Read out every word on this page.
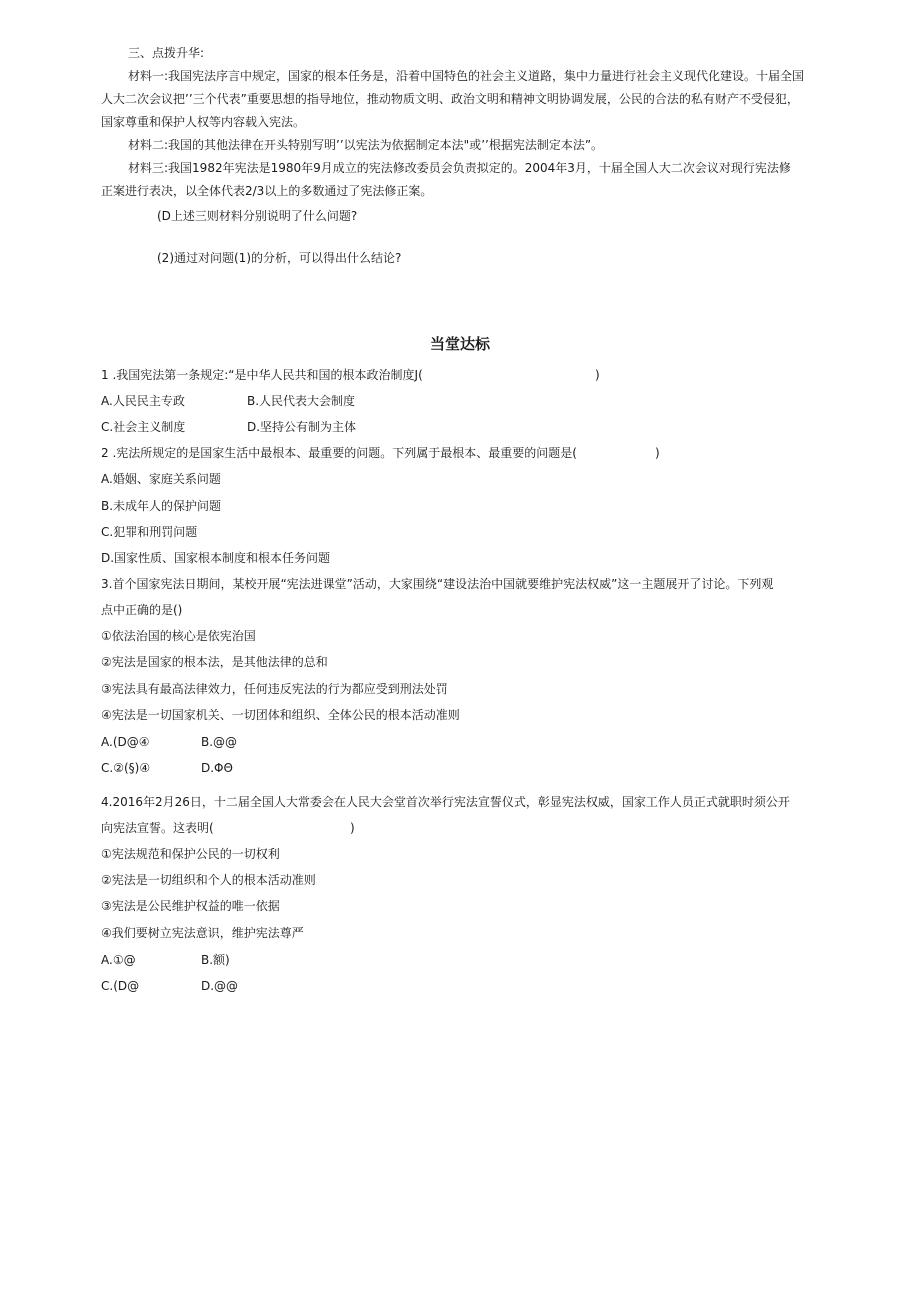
三、点拨升华:
材料一:我国宪法序言中规定，国家的根本任务是，沿着中国特色的社会主义道路，集中力量进行社会主义现代化建设。十届全国
人大二次会议把’’三个代表”重要思想的指导地位，推动物质文明、政治文明和精神文明协调发展，公民的合法的私有财产不受侵犯，
国家尊重和保护人权等内容载入宪法。
材料二:我国的其他法律在开头特别写明’’以宪法为依据制定本法"或’’根据宪法制定本法”。
材料三:我国1982年宪法是1980年9月成立的宪法修改委员会负责拟定的。2004年3月，十届全国人大二次会议对现行宪法修
正案进行表决，以全体代表2/3以上的多数通过了宪法修正案。
(D上述三则材料分别说明了什么问题?
(2)通过对问题(1)的分析，可以得出什么结论?
当堂达标
1 .我国宪法第一条规定:“是中华人民共和国的根本政治制度J(	)
A.人民民主专政	B.人民代表大会制度
C.社会主义制度	D.坚持公有制为主体
2 .宪法所规定的是国家生活中最根本、最重要的问题。下列属于最根本、最重要的问题是(	)
A.婚姻、家庭关系问题
B.未成年人的保护问题
C.犯罪和刑罚问题
D.国家性质、国家根本制度和根本任务问题
3.首个国家宪法日期间，某校开展“宪法进课堂”活动，大家围绕“建设法治中国就要维护宪法权威”这一主题展开了讨论。下列观
点中正确的是()
①依法治国的核心是依宪治国
②宪法是国家的根本法，是其他法律的总和
③宪法具有最高法律效力，任何违反宪法的行为都应受到刑法处罚
④宪法是一切国家机关、一切团体和组织、全体公民的根本活动准则
A.(D@④	B.@@
C.②(§)④	D.ΦΘ
4.2016年2月26日，十二届全国人大常委会在人民大会堂首次举行宪法宣誓仪式，彰显宪法权威，国家工作人员正式就职时须公开
向宪法宣誓。这表明(	)
①宪法规范和保护公民的一切权利
②宪法是一切组织和个人的根本活动准则
③宪法是公民维护权益的唯一依据
④我们要树立宪法意识，维护宪法尊严
A.①@	B.额)
C.(D@	D.@@
